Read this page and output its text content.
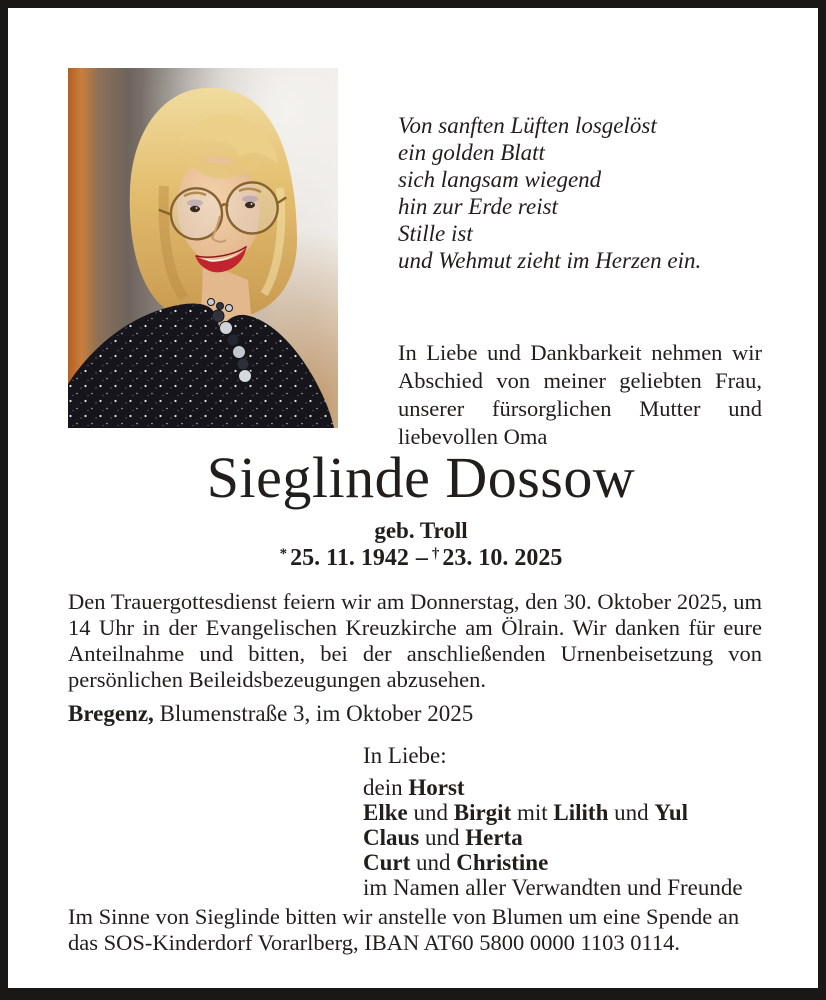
Von sanften Lüften losgelöst
ein golden Blatt
sich langsam wiegend
hin zur Erde reist
Stille ist
und Wehmut zieht im Herzen ein.

In Liebe und Dankbarkeit nehmen wir Abschied von meiner geliebten Frau, unserer fürsorglichen Mutter und liebevollen Oma

Sieglinde Dossow
geb. Troll
* 25. 11. 1942 – † 23. 10. 2025

Den Trauergottesdienst feiern wir am Donnerstag, den 30. Oktober 2025, um 14 Uhr in der Evangelischen Kreuzkirche am Ölrain. Wir danken für eure Anteilnahme und bitten, bei der anschließenden Urnenbeisetzung von persönlichen Beileidsbezeugungen abzusehen.

Bregenz, Blumenstraße 3, im Oktober 2025

In Liebe:
dein Horst
Elke und Birgit mit Lilith und Yul
Claus und Herta
Curt und Christine
im Namen aller Verwandten und Freunde

Im Sinne von Sieglinde bitten wir anstelle von Blumen um eine Spende an das SOS-Kinderdorf Vorarlberg, IBAN AT60 5800 0000 1103 0114.
